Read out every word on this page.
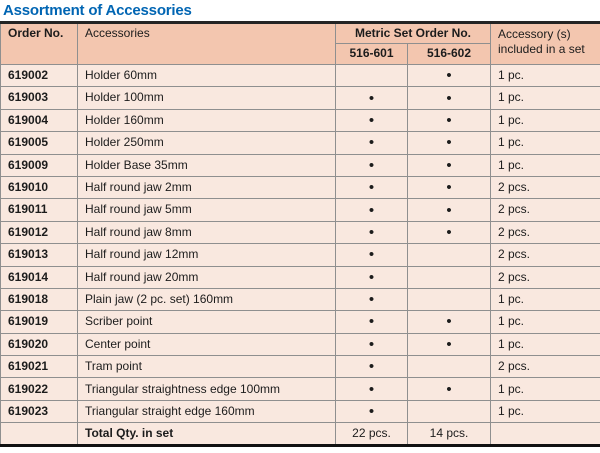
Assortment of Accessories
Order No.	Accessories	Metric Set Order No.		Accessory (s)
included in a set

		516-601	516-602	
619002	Holder 60mm		•	1 pc.
619003	Holder 100mm	•	•	1 pc.
619004	Holder 160mm	•	•	1 pc.
619005	Holder 250mm	•	•	1 pc.
619009	Holder Base 35mm	•	•	1 pc.
619010	Half round jaw 2mm	•	•	2 pcs.
619011	Half round jaw 5mm	•	•	2 pcs.
619012	Half round jaw 8mm	•	•	2 pcs.
619013	Half round jaw 12mm	•		2 pcs.
619014	Half round jaw 20mm	•		2 pcs.
619018	Plain jaw (2 pc. set) 160mm	•		1 pc.
619019	Scriber point	•	•	1 pc.
619020	Center point	•	•	1 pc.
619021	Tram point	•		2 pcs.
619022	Triangular straightness edge 100mm	•	•	1 pc.
619023	Triangular straight edge 160mm	•		1 pc.
	Total Qty. in set	22 pcs.	14 pcs.	
